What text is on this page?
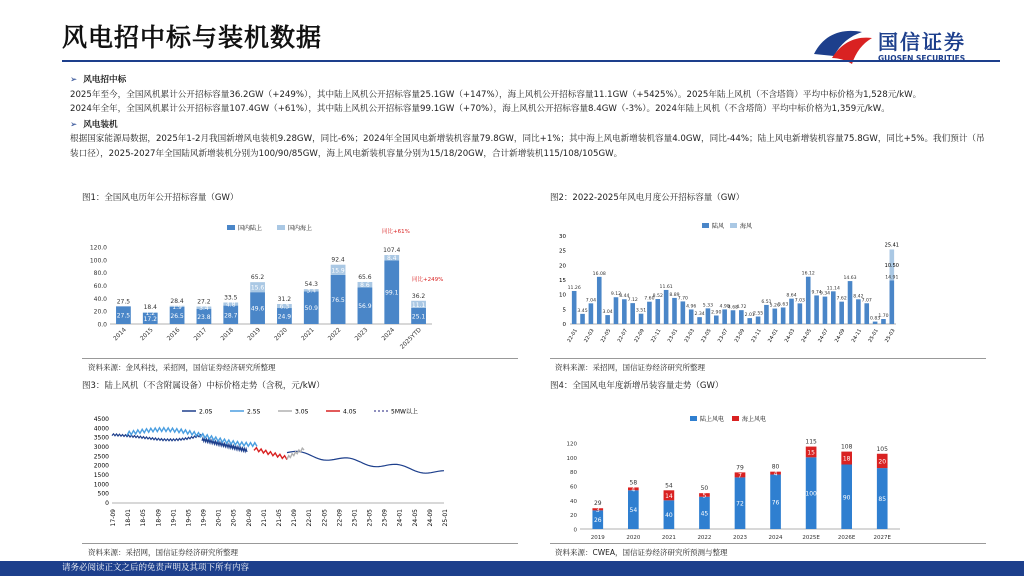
风电招中标与装机数据	国信证券
GUOSEN SECURITIES
➢ 风电招中标
2025年至今，全国风机累计公开招标容量36.2GW（+249%），其中陆上风机公开招标容量25.1GW（+147%），海上风机公开招标容量11.1GW（+5425%）。2025年陆上风机（不含塔筒）平均中标价格为1,528元/kW。
2024年全年，全国风机累计公开招标容量107.4GW（+61%），其中陆上风机公开招标容量99.1GW（+70%），海上风机公开招标容量8.4GW（-3%）。2024年陆上风机（不含塔筒）平均中标价格为1,359元/kW。
➢ 风电装机
根据国家能源局数据，2025年1-2月我国新增风电装机9.28GW，同比-6%；2024年全国风电新增装机容量79.8GW，同比+1%；其中海上风电新增装机容量4.0GW，同比-44%；陆上风电新增装机容量75.8GW，同比+5%。我们预计（吊装口径），2025-2027年全国陆风新增装机分别为100/90/85GW，海上风电新装机容量分别为15/18/20GW，合计新增装机115/108/105GW。
图1：全国风电历年公开招标容量（GW）
0.0
20.0
40.0
60.0
80.0
100.0
120.0
27.5
27.5
2014
17.2
1.2
18.4
2015
26.5
1.9
28.4
2016
23.8
3.4
27.2
2017
28.7
4.8
33.5
2018
49.6
15.6
65.2
2019
24.9
6.3
31.2
2020
50.9
3.4
54.3
2021
76.5
15.9
92.4
2022
56.9
8.6
65.6
2023
99.1
8.4
107.4
2024
25.1
11.1
36.2
2025YTD
国内陆上	国内海上	同比+61%
同比+249%
资料来源：金风科技，采招网，国信证券经济研究所整理
图2：2022-2025年风电月度公开招标容量（GW）
0
5
10
15
20
25
30
11.26
3.45
7.04
16.08
3.04
9.12
8.44
7.12
3.51
7.60
8.52
11.61
8.89
7.70
4.96
2.34
5.33
2.90
4.98
4.68
4.72
2.01
2.55
6.51
5.26
5.63
8.64
7.03
16.12
9.74
9.34
11.14
7.62
14.63
8.42
7.07
0.83
1.70
14.91
25.41
10.50
22-01 22-03 22-05 22-07 22-09 22-11 23-01 23-03 23-05 23-07 23-09 23-11 24-01 24-03 24-05 24-07 24-09 24-11 25-01 25-03
陆风	海风
资料来源：采招网，国信证券经济研究所整理
图3：陆上风机（不含附属设备）中标价格走势（含税，元/kW）
0
500
1000
1500
2000
2500
3000
3500
4000
4500
17-09 18-01 18-05 18-09 19-01 19-05 19-09 20-01 20-05 20-09 21-01 21-05 21-09 22-01 22-05 22-09 23-01 23-05 23-09 24-01 24-05 24-09 25-01
2.0S	2.5S	3.0S	4.0S	5MW以上
资料来源：采招网，国信证券经济研究所整理
图4：全国风电年度新增吊装容量走势（GW）
0
20
40
60
80
100
120
26
3
29
2019
54
4
58
2020
40
14
54
2021
45
5
50
2022
72
7
79
2023
76
4
80
2024
100
15
115
2025E
90
18
108
2026E
85
20
105
2027E
陆上风电	海上风电
资料来源：CWEA，国信证券经济研究所预测与整理
请务必阅读正文之后的免责声明及其项下所有内容
